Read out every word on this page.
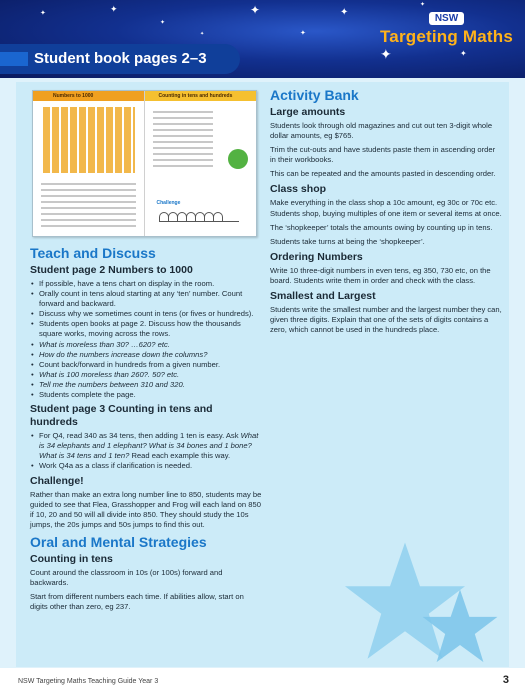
✦
✦
✦
✦
✦
✦
✦
✦
✦
✦
NSW
Targeting Maths
Student book pages 2–3
Numbers to 1000	Counting in tens and hundreds
Challenge
Teach and Discuss
Student page 2 Numbers to 1000
• If possible, have a tens chart on display in the room.
• Orally count in tens aloud starting at any ‘ten’ number. Count forward and backward.
• Discuss why we sometimes count in tens (or fives or hundreds).
• Students open books at page 2. Discuss how the thousands square works, moving across the rows.
• What is moreless than 30? …620? etc.
• How do the numbers increase down the columns?
• Count back/forward in hundreds from a given number.
• What is 100 moreless than 260?. 50? etc.
• Tell me the numbers between 310 and 320.
• Students complete the page.
Student page 3 Counting in tens and hundreds
• For Q4, read 340 as 34 tens, then adding 1 ten is easy. Ask What is 34 elephants and 1 elephant? What is 34 bones and 1 bone? What is 34 tens and 1 ten? Read each example this way.
• Work Q4a as a class if clarification is needed.
Challenge!

Rather than make an extra long number line to 850, students may be guided to see that Flea, Grasshopper and Frog will each land on 850 if 10, 20 and 50 will all divide into 850. They should study the 10s jumps, the 20s jumps and 50s jumps to find this out.

Oral and Mental Strategies
Counting in tens

Count around the classroom in 10s (or 100s) forward and backwards.

Start from different numbers each time. If abilities allow, start on digits other than zero, eg 237.

Activity Bank
Large amounts

Students look through old magazines and cut out ten 3-digit whole dollar amounts, eg $765.

Trim the cut-outs and have students paste them in ascending order in their workbooks.

This can be repeated and the amounts pasted in descending order.

Class shop

Make everything in the class shop a 10c amount, eg 30c or 70c etc. Students shop, buying multiples of one item or several items at once.

The ‘shopkeeper’ totals the amounts owing by counting up in tens.

Students take turns at being the ‘shopkeeper’.

Ordering Numbers

Write 10 three-digit numbers in even tens, eg 350, 730 etc, on the board. Students write them in order and check with the class.

Smallest and Largest

Students write the smallest number and the largest number they can, given three digits. Explain that one of the sets of digits contains a zero, which cannot be used in the hundreds place.

NSW Targeting Maths Teaching Guide Year 3	3
